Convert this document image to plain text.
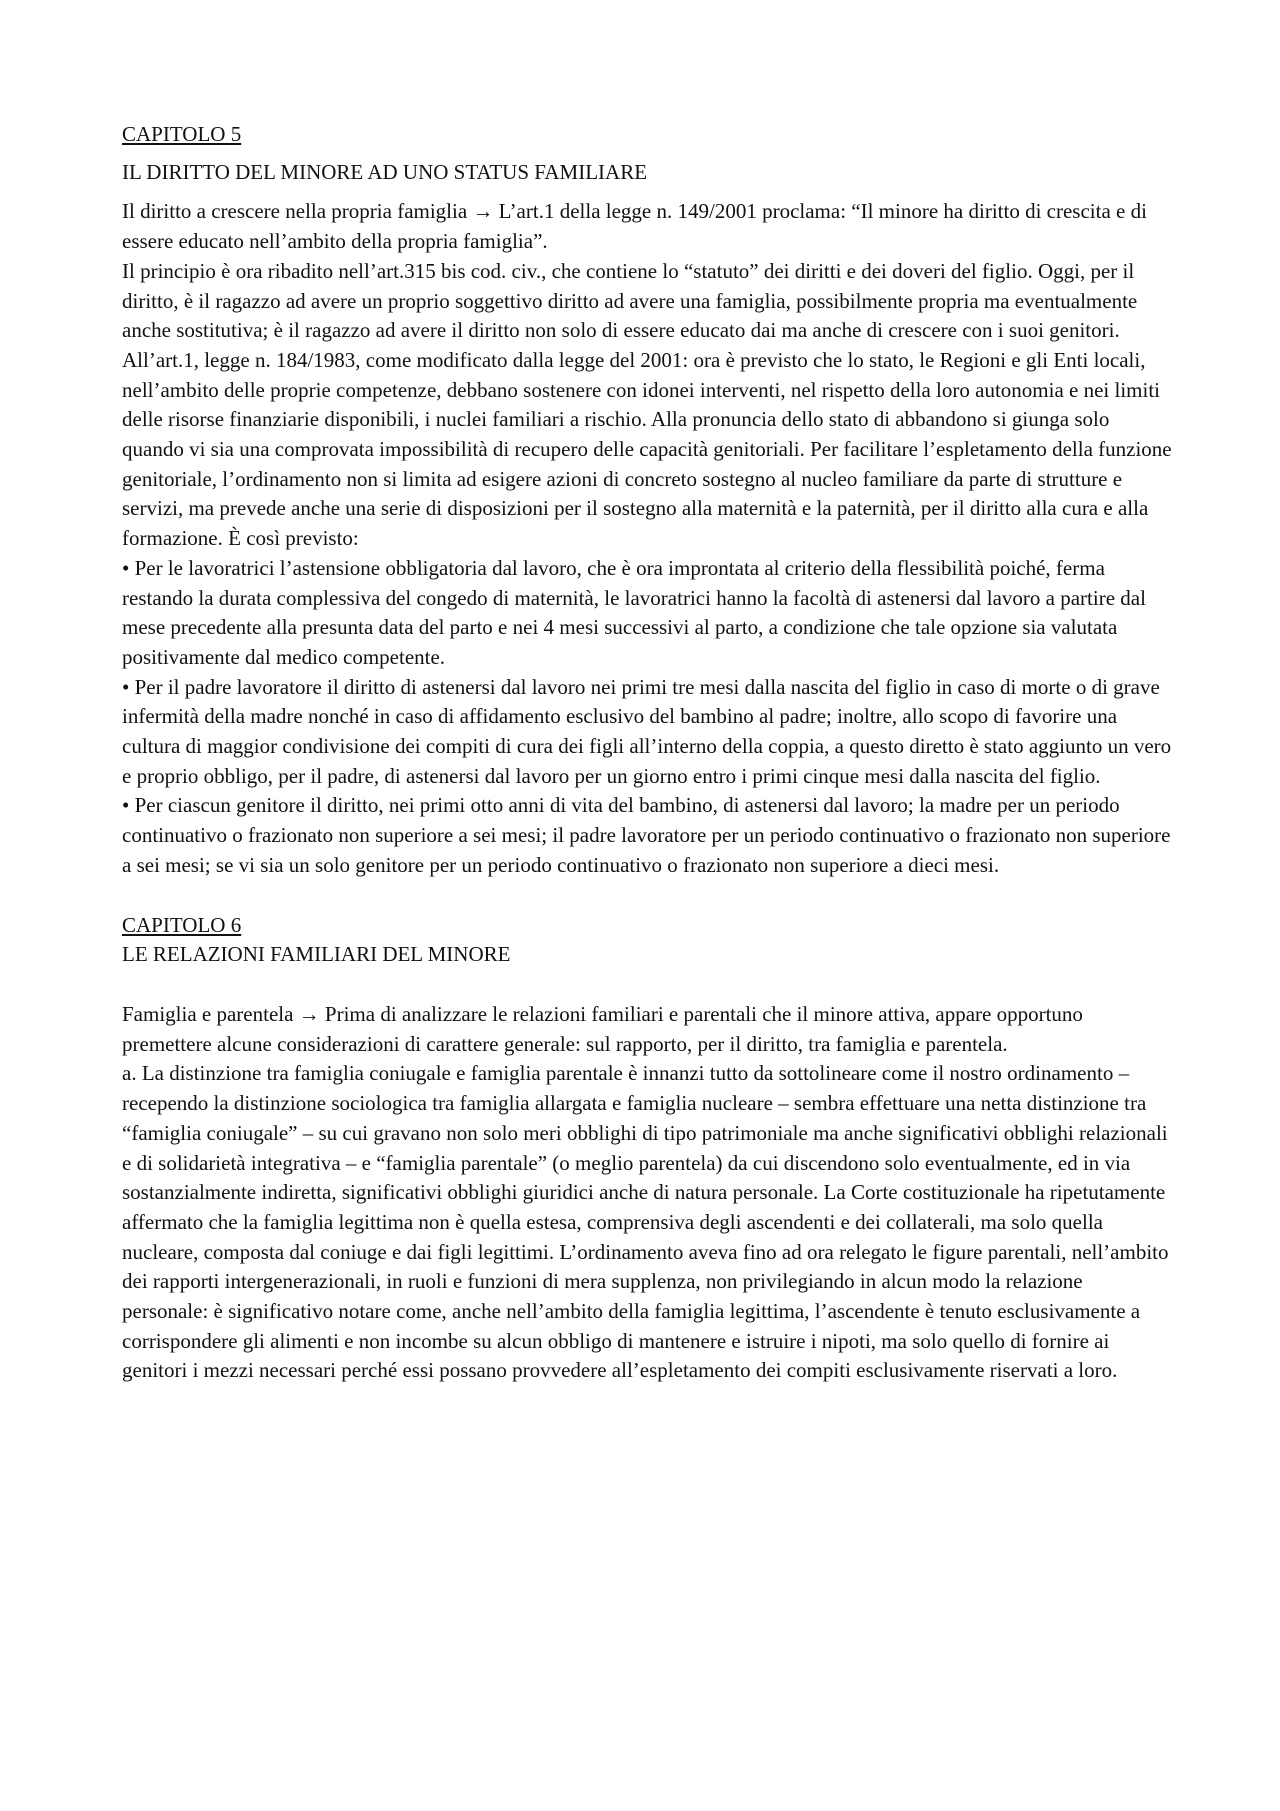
CAPITOLO 5
IL DIRITTO DEL MINORE AD UNO STATUS FAMILIARE

Il diritto a crescere nella propria famiglia → L’art.1 della legge n. 149/2001 proclama: “Il minore ha diritto di crescita e di essere educato nell’ambito della propria famiglia”.

Il principio è ora ribadito nell’art.315 bis cod. civ., che contiene lo “statuto” dei diritti e dei doveri del figlio. Oggi, per il diritto, è il ragazzo ad avere un proprio soggettivo diritto ad avere una famiglia, possibilmente propria ma eventualmente anche sostitutiva; è il ragazzo ad avere il diritto non solo di essere educato dai ma anche di crescere con i suoi genitori. All’art.1, legge n. 184/1983, come modificato dalla legge del 2001: ora è previsto che lo stato, le Regioni e gli Enti locali, nell’ambito delle proprie competenze, debbano sostenere con idonei interventi, nel rispetto della loro autonomia e nei limiti delle risorse finanziarie disponibili, i nuclei familiari a rischio. Alla pronuncia dello stato di abbandono si giunga solo quando vi sia una comprovata impossibilità di recupero delle capacità genitoriali. Per facilitare l’espletamento della funzione genitoriale, l’ordinamento non si limita ad esigere azioni di concreto sostegno al nucleo familiare da parte di strutture e servizi, ma prevede anche una serie di disposizioni per il sostegno alla maternità e la paternità, per il diritto alla cura e alla formazione. È così previsto:

• Per le lavoratrici l’astensione obbligatoria dal lavoro, che è ora improntata al criterio della flessibilità poiché, ferma restando la durata complessiva del congedo di maternità, le lavoratrici hanno la facoltà di astenersi dal lavoro a partire dal mese precedente alla presunta data del parto e nei 4 mesi successivi al parto, a condizione che tale opzione sia valutata positivamente dal medico competente.

• Per il padre lavoratore il diritto di astenersi dal lavoro nei primi tre mesi dalla nascita del figlio in caso di morte o di grave infermità della madre nonché in caso di affidamento esclusivo del bambino al padre; inoltre, allo scopo di favorire una cultura di maggior condivisione dei compiti di cura dei figli all’interno della coppia, a questo diretto è stato aggiunto un vero e proprio obbligo, per il padre, di astenersi dal lavoro per un giorno entro i primi cinque mesi dalla nascita del figlio.

• Per ciascun genitore il diritto, nei primi otto anni di vita del bambino, di astenersi dal lavoro; la madre per un periodo continuativo o frazionato non superiore a sei mesi; il padre lavoratore per un periodo continuativo o frazionato non superiore a sei mesi; se vi sia un solo genitore per un periodo continuativo o frazionato non superiore a dieci mesi.

CAPITOLO 6
LE RELAZIONI FAMILIARI DEL MINORE

Famiglia e parentela → Prima di analizzare le relazioni familiari e parentali che il minore attiva, appare opportuno premettere alcune considerazioni di carattere generale: sul rapporto, per il diritto, tra famiglia e parentela.

a. La distinzione tra famiglia coniugale e famiglia parentale è innanzi tutto da sottolineare come il nostro ordinamento – recependo la distinzione sociologica tra famiglia allargata e famiglia nucleare – sembra effettuare una netta distinzione tra “famiglia coniugale” – su cui gravano non solo meri obblighi di tipo patrimoniale ma anche significativi obblighi relazionali e di solidarietà integrativa – e “famiglia parentale” (o meglio parentela) da cui discendono solo eventualmente, ed in via sostanzialmente indiretta, significativi obblighi giuridici anche di natura personale. La Corte costituzionale ha ripetutamente affermato che la famiglia legittima non è quella estesa, comprensiva degli ascendenti e dei collaterali, ma solo quella nucleare, composta dal coniuge e dai figli legittimi. L’ordinamento aveva fino ad ora relegato le figure parentali, nell’ambito dei rapporti intergenerazionali, in ruoli e funzioni di mera supplenza, non privilegiando in alcun modo la relazione personale: è significativo notare come, anche nell’ambito della famiglia legittima, l’ascendente è tenuto esclusivamente a corrispondere gli alimenti e non incombe su alcun obbligo di mantenere e istruire i nipoti, ma solo quello di fornire ai genitori i mezzi necessari perché essi possano provvedere all’espletamento dei compiti esclusivamente riservati a loro.
